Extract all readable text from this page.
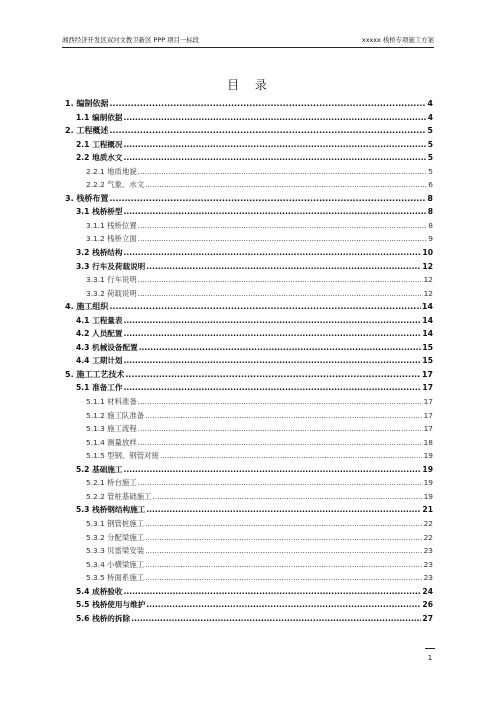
湘西经济开发区双河文教卫新区 PPP 项目一标段	xxxxx 栈桥专项施工方案
目 录
1. 编制依据 .....	4
1.1 编制依据 .....	4
2. 工程概述 .....	5
2.1 工程概况 .....	5
2.2 地质水文 .....	5
2.2.1 地质地貌 .....	5
2.2.2 气象、水文 .....	6
3. 栈桥布置 .....	8
3.1 栈桥桥型 .....	8
3.1.1 栈桥位置 .....	8
3.1.2 栈桥立面 .....	9
3.2 栈桥结构 .....	10
3.3 行车及荷载说明 .....	12
3.3.1 行车说明 .....	12
3.3.2 荷载说明 .....	12
4. 施工组织 .....	14
4.1 工程量表 .....	14
4.2 人员配置 .....	14
4.3 机械设备配置 .....	15
4.4 工期计划 .....	15
5. 施工工艺技术 .....	17
5.1 准备工作 .....	17
5.1.1 材料准备 .....	17
5.1.2 施工队准备 .....	17
5.1.3 施工流程 .....	17
5.1.4 测量放样 .....	18
5.1.5 型钢、钢管对接 .....	19
5.2 基础施工 .....	19
5.2.1 桥台施工 .....	19
5.2.2 管桩基础施工 .....	19
5.3 栈桥钢结构施工 .....	21
5.3.1 钢管桩施工 .....	22
5.3.2 分配梁施工 .....	22
5.3.3 贝雷梁安装 .....	23
5.3.4 小横梁施工 .....	23
5.3.5 桥面系施工 .....	23
5.4 成桥验收 .....	24
5.5 栈桥使用与维护 .....	26
5.6 栈桥的拆除 .....	27
1
